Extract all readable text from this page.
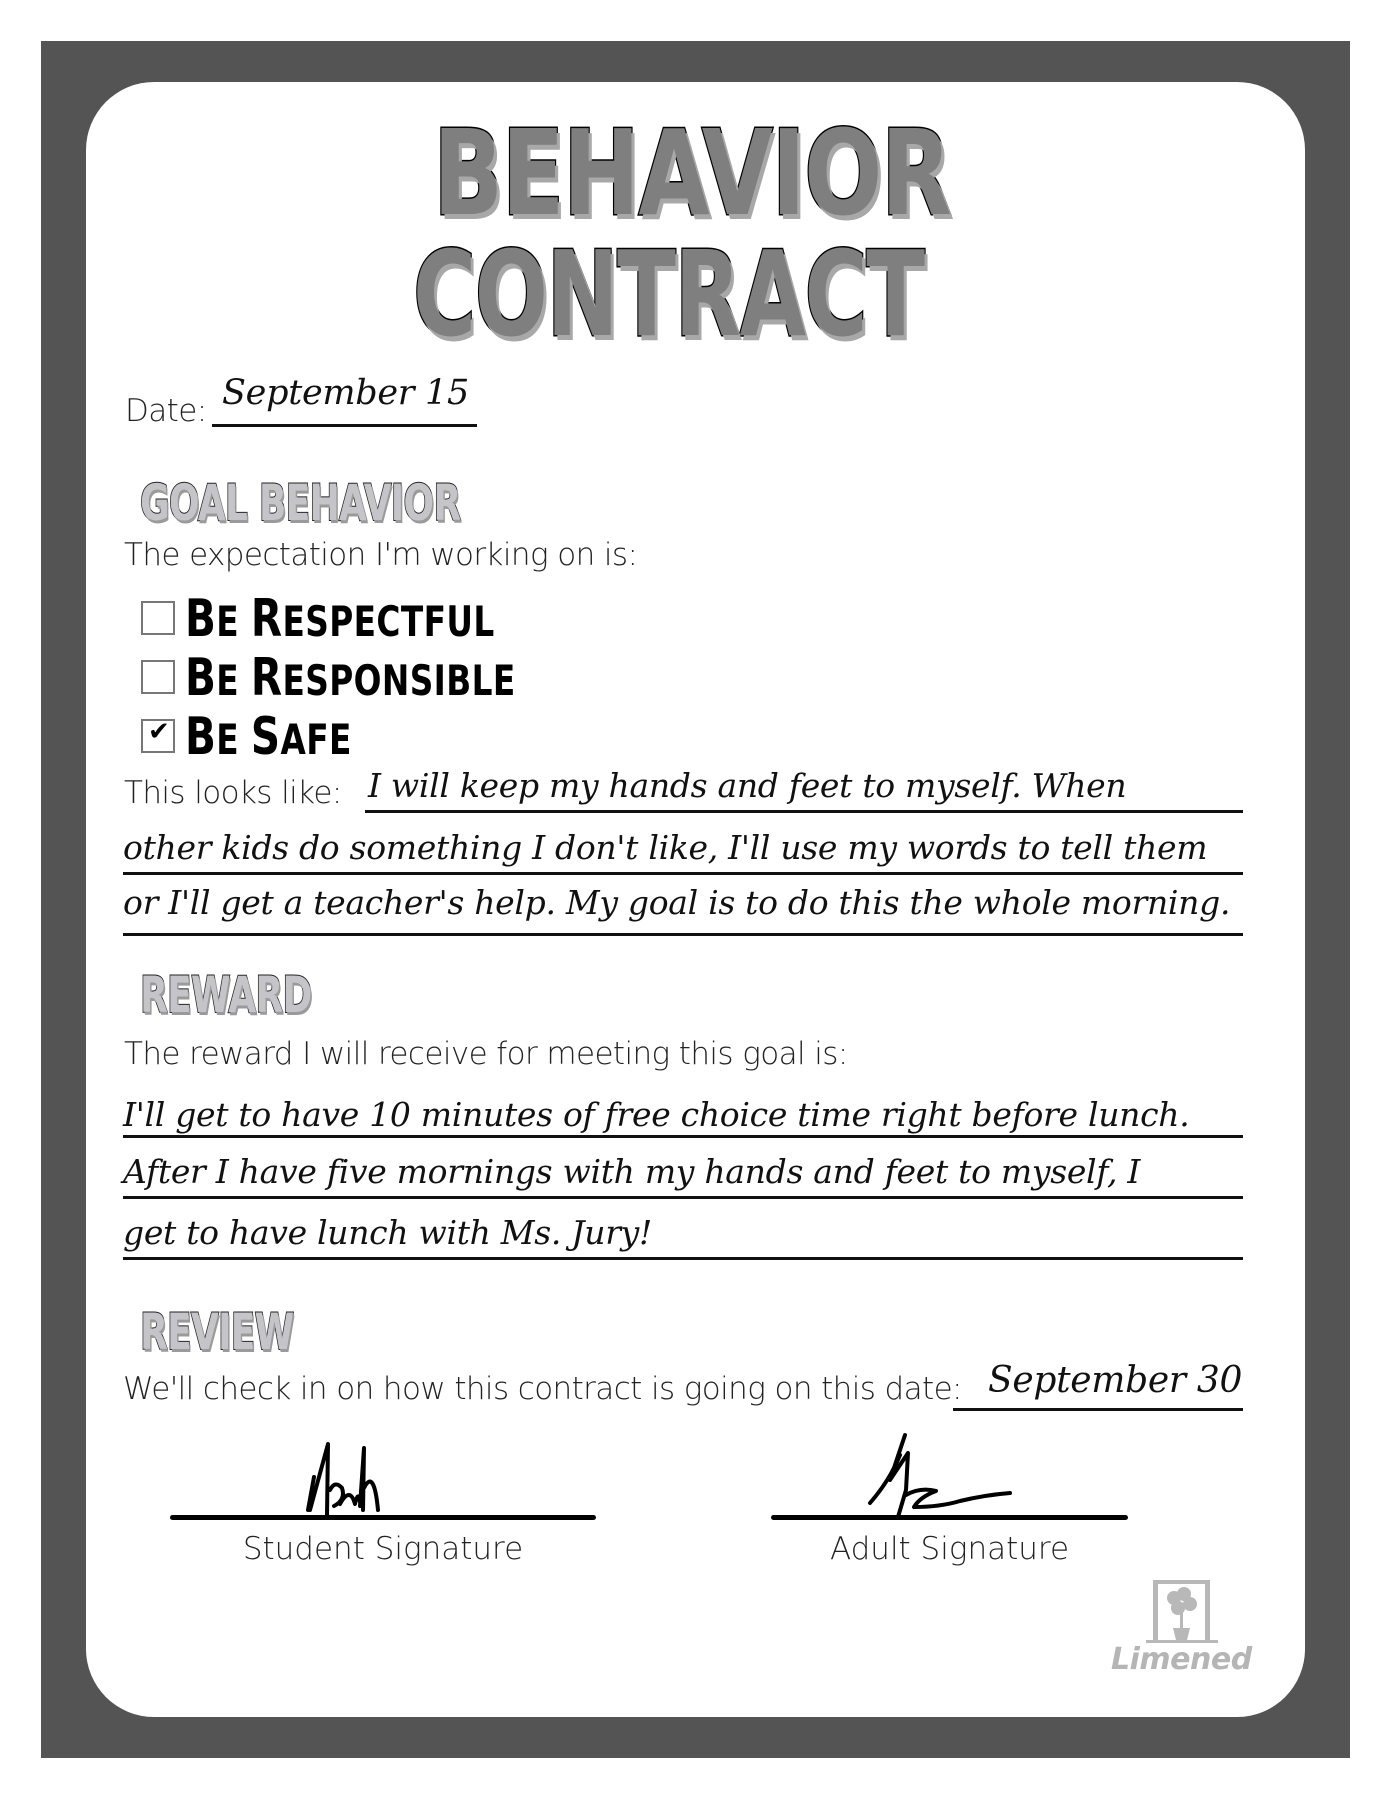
BEHAVIOR
CONTRACT
Date: September 15
GOAL BEHAVIOR
The expectation I'm working on is:
BE RESPECTFUL
BE RESPONSIBLE
✔ BE SAFE
This looks like: I will keep my hands and feet to myself. When
other kids do something I don't like, I'll use my words to tell them
or I'll get a teacher's help. My goal is to do this the whole morning.
REWARD
The reward I will receive for meeting this goal is:
I'll get to have 10 minutes of free choice time right before lunch.
After I have five mornings with my hands and feet to myself, I
get to have lunch with Ms. Jury!
REVIEW
We'll check in on how this contract is going on this date: September 30
Student Signature	Adult Signature
Limened
